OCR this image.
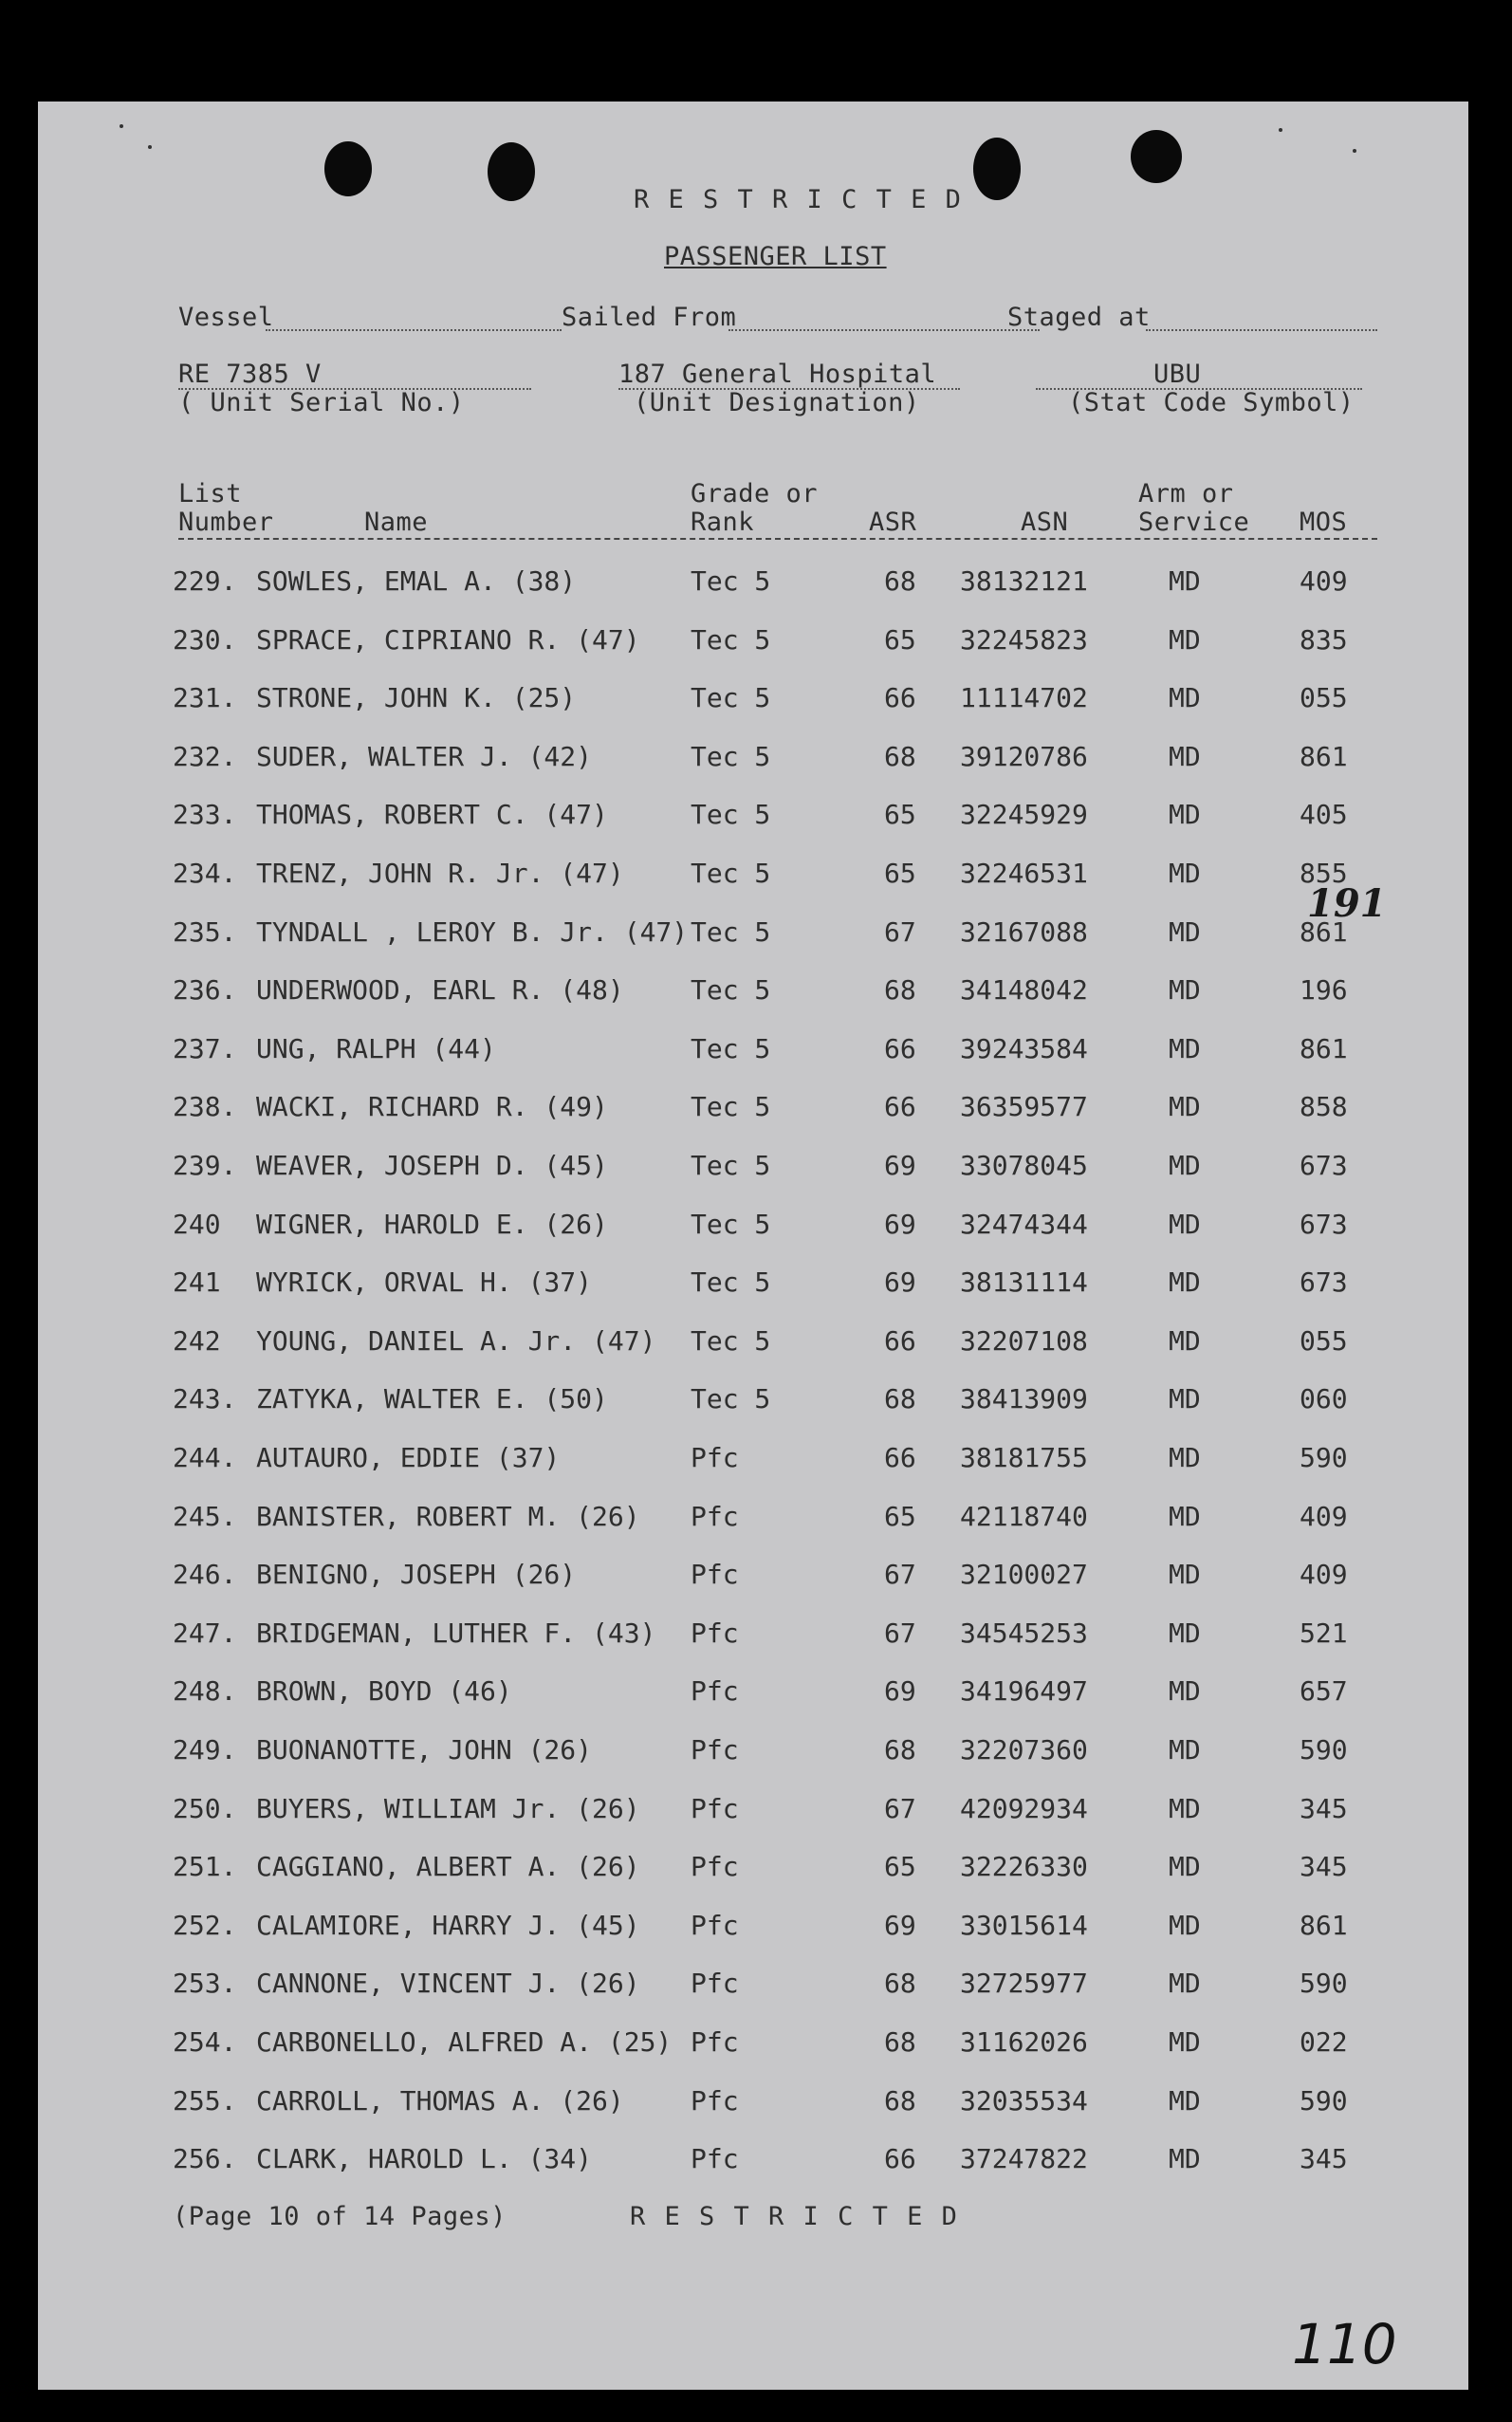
R E S T R I C T E D
PASSENGER LIST
Vessel	Sailed From	Staged at
RE 7385 V
( Unit Serial No.)
187 General Hospital
(Unit Designation)
UBU
(Stat Code Symbol)
List
Number	Name
Grade or
Rank	ASR	ASN
Arm or
Service MOS
229. SOWLES, EMAL A. (38)	Tec 5	68 38132121	MD	409
230. SPRACE, CIPRIANO R. (47) Tec 5	65 32245823	MD	835
231. STRONE, JOHN K. (25)	Tec 5	66 11114702	MD	055
232. SUDER, WALTER J. (42)	Tec 5	68 39120786	MD	861
233. THOMAS, ROBERT C. (47)	Tec 5	65 32245929	MD	405
234. TRENZ, JOHN R. Jr. (47)	Tec 5	65 32246531	MD	855
235. TYNDALL , LEROY B. Jr. (47) Tec 5	67 32167088	MD	861
236. UNDERWOOD, EARL R. (48)	Tec 5	68 34148042	MD	196
237. UNG, RALPH (44)	Tec 5	66 39243584	MD	861
238. WACKI, RICHARD R. (49)	Tec 5	66 36359577	MD	858
239. WEAVER, JOSEPH D. (45)	Tec 5	69 33078045	MD	673
240 WIGNER, HAROLD E. (26)	Tec 5	69 32474344	MD	673
241 WYRICK, ORVAL H. (37)	Tec 5	69 38131114	MD	673
242 YOUNG, DANIEL A. Jr. (47) Tec 5	66 32207108	MD	055
243. ZATYKA, WALTER E. (50)	Tec 5	68 38413909	MD	060
244. AUTAURO, EDDIE (37)	Pfc	66 38181755	MD	590
245. BANISTER, ROBERT M. (26) Pfc	65 42118740	MD	409
246. BENIGNO, JOSEPH (26)	Pfc	67 32100027	MD	409
247. BRIDGEMAN, LUTHER F. (43) Pfc	67 34545253	MD	521
248. BROWN, BOYD (46)	Pfc	69 34196497	MD	657
249. BUONANOTTE, JOHN (26)	Pfc	68 32207360	MD	590
250. BUYERS, WILLIAM Jr. (26) Pfc	67 42092934	MD	345
251. CAGGIANO, ALBERT A. (26) Pfc	65 32226330	MD	345
252. CALAMIORE, HARRY J. (45) Pfc	69 33015614	MD	861
253. CANNONE, VINCENT J. (26) Pfc	68 32725977	MD	590
254. CARBONELLO, ALFRED A. (25) Pfc	68 31162026	MD	022
255. CARROLL, THOMAS A. (26)	Pfc	68 32035534	MD	590
256. CLARK, HAROLD L. (34)	Pfc	66 37247822	MD	345
191
(Page 10 of 14 Pages)	R E S T R I C T E D
110
